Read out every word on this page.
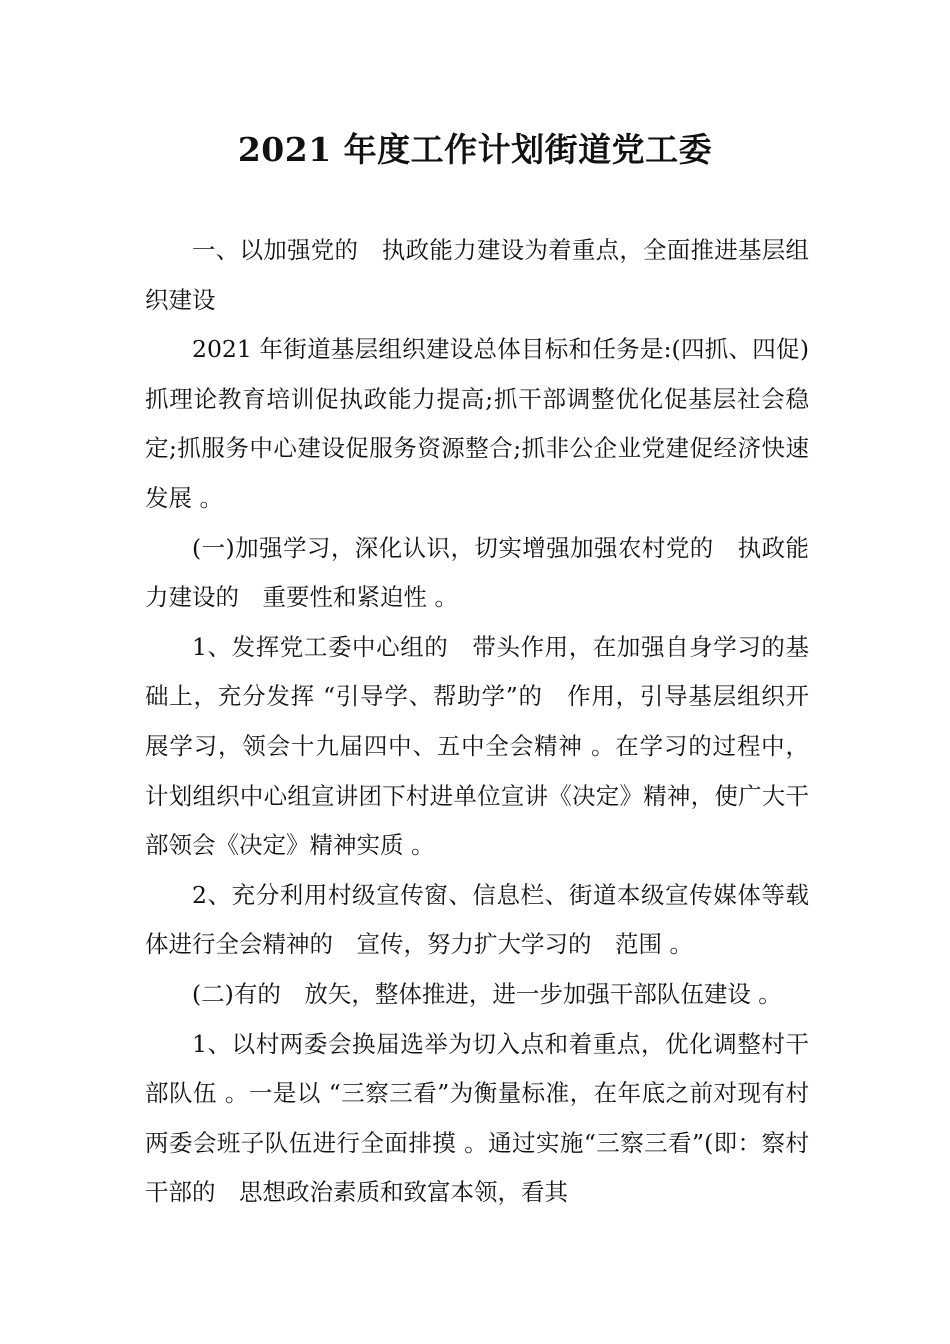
2021 年度工作计划街道党工委

一、以加强党的　执政能力建设为着重点，全面推进基层组织建设

2021 年街道基层组织建设总体目标和任务是:(四抓、四促)抓理论教育培训促执政能力提高;抓干部调整优化促基层社会稳定;抓服务中心建设促服务资源整合;抓非公企业党建促经济快速发展 。

(一)加强学习，深化认识，切实增强加强农村党的　执政能力建设的　重要性和紧迫性 。

1、发挥党工委中心组的　带头作用，在加强自身学习的基础上，充分发挥 “引导学、帮助学”的　作用，引导基层组织开展学习，领会十九届四中、五中全会精神 。在学习的过程中，计划组织中心组宣讲团下村进单位宣讲《决定》精神，使广大干部领会《决定》精神实质 。

2、充分利用村级宣传窗、信息栏、街道本级宣传媒体等载体进行全会精神的　宣传，努力扩大学习的　范围 。

(二)有的　放矢，整体推进，进一步加强干部队伍建设 。

1、以村两委会换届选举为切入点和着重点，优化调整村干部队伍 。一是以 “三察三看”为衡量标准，在年底之前对现有村两委会班子队伍进行全面排摸 。通过实施“三察三看”(即：察村干部的　思想政治素质和致富本领，看其
